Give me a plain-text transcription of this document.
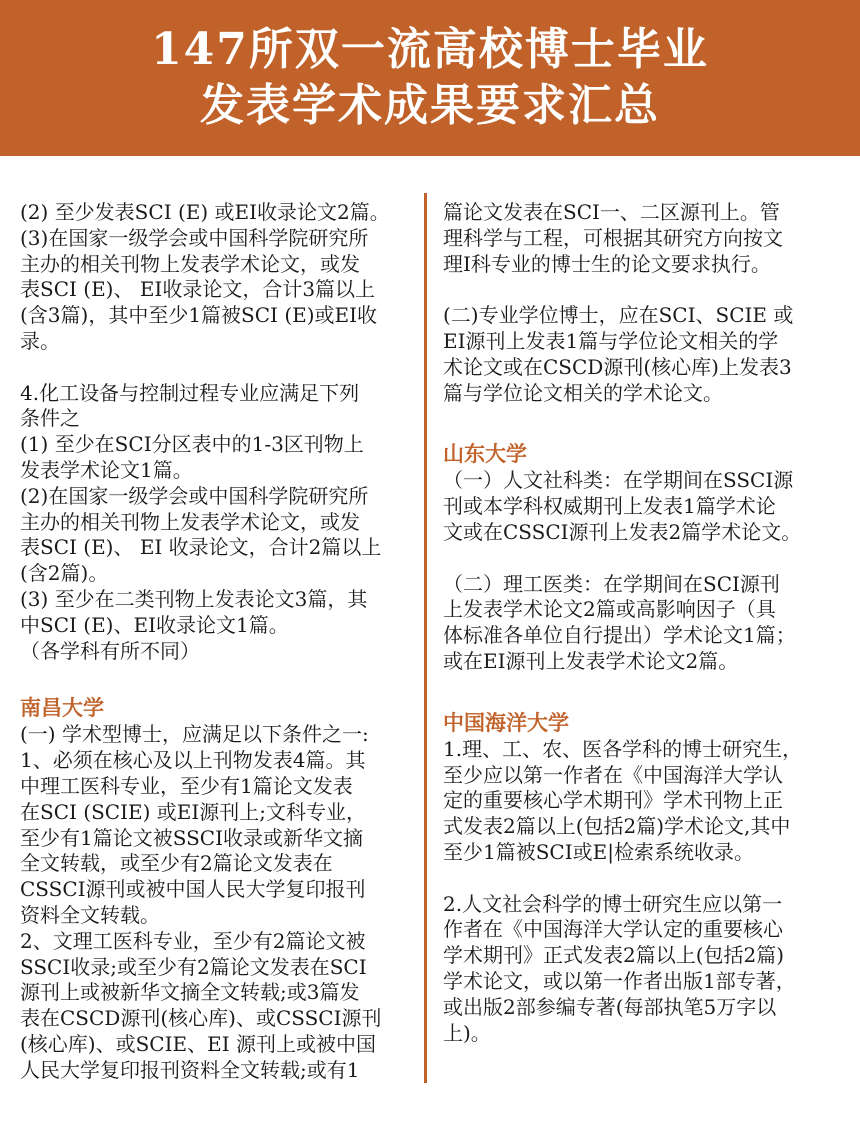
147所双一流高校博士毕业
发表学术成果要求汇总

(2) 至少发表SCI (E) 或EI收录论文2篇。
(3)在国家一级学会或中国科学院研究所
主办的相关刊物上发表学术论文，或发
表SCI (E)、 EI收录论文，合计3篇以上
(含3篇)，其中至少1篇被SCI (E)或EI收
录。

4.化工设备与控制过程专业应满足下列
条件之
(1) 至少在SCI分区表中的1-3区刊物上
发表学术论文1篇。
(2)在国家一级学会或中国科学院研究所
主办的相关刊物上发表学术论文，或发
表SCI (E)、 EI 收录论文，合计2篇以上
(含2篇)。
(3) 至少在二类刊物上发表论文3篇，其
中SCI (E)、EI收录论文1篇。
（各学科有所不同）

南昌大学

(一) 学术型博士，应满足以下条件之一:
1、必须在核心及以上刊物发表4篇。其
中理工医科专业，至少有1篇论文发表
在SCI (SCIE) 或EI源刊上;文科专业，
至少有1篇论文被SSCI收录或新华文摘
全文转载，或至少有2篇论文发表在
CSSCI源刊或被中国人民大学复印报刊
资料全文转载。
2、文理工医科专业，至少有2篇论文被
SSCI收录;或至少有2篇论文发表在SCI
源刊上或被新华文摘全文转载;或3篇发
表在CSCD源刊(核心库)、或CSSCI源刊
(核心库)、或SCIE、EI 源刊上或被中国
人民大学复印报刊资料全文转载;或有1

篇论文发表在SCI一、二区源刊上。管
理科学与工程，可根据其研究方向按文
理I科专业的博士生的论文要求执行。

(二)专业学位博士，应在SCI、SCIE 或
EI源刊上发表1篇与学位论文相关的学
术论文或在CSCD源刊(核心库)上发表3
篇与学位论文相关的学术论文。

山东大学

（一）人文社科类：在学期间在SSCI源
刊或本学科权威期刊上发表1篇学术论
文或在CSSCI源刊上发表2篇学术论文。

（二）理工医类：在学期间在SCI源刊
上发表学术论文2篇或高影响因子（具
体标准各单位自行提出）学术论文1篇；
或在EI源刊上发表学术论文2篇。

中国海洋大学

1.理、工、农、医各学科的博士研究生，
至少应以第一作者在《中国海洋大学认
定的重要核心学术期刊》学术刊物上正
式发表2篇以上(包括2篇)学术论文,其中
至少1篇被SCI或E|检索系统收录。

2.人文社会科学的博士研究生应以第一
作者在《中国海洋大学认定的重要核心
学术期刊》正式发表2篇以上(包括2篇)
学术论文，或以第一作者出版1部专著，
或出版2部参编专著(每部执笔5万字以
上)。
